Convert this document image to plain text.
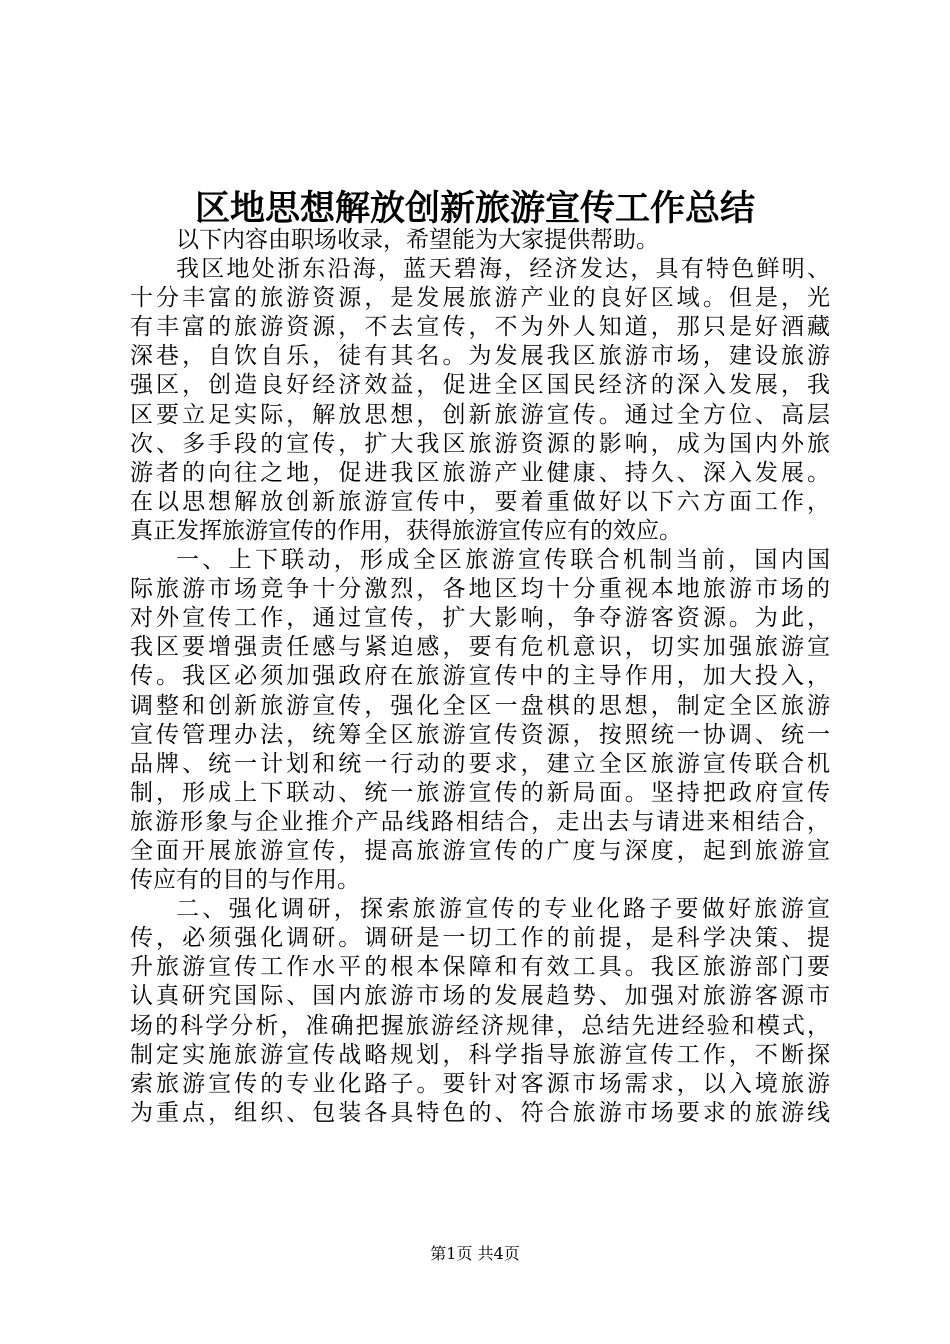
区地思想解放创新旅游宣传工作总结
以下内容由职场收录，希望能为大家提供帮助。
我区地处浙东沿海，蓝天碧海，经济发达，具有特色鲜明、
十分丰富的旅游资源，是发展旅游产业的良好区域。但是，光
有丰富的旅游资源，不去宣传，不为外人知道，那只是好酒藏
深巷，自饮自乐，徒有其名。为发展我区旅游市场，建设旅游
强区，创造良好经济效益，促进全区国民经济的深入发展，我
区要立足实际，解放思想，创新旅游宣传。通过全方位、高层
次、多手段的宣传，扩大我区旅游资源的影响，成为国内外旅
游者的向往之地，促进我区旅游产业健康、持久、深入发展。
在以思想解放创新旅游宣传中，要着重做好以下六方面工作，
真正发挥旅游宣传的作用，获得旅游宣传应有的效应。
一、上下联动，形成全区旅游宣传联合机制当前，国内国
际旅游市场竞争十分激烈，各地区均十分重视本地旅游市场的
对外宣传工作，通过宣传，扩大影响，争夺游客资源。为此，
我区要增强责任感与紧迫感，要有危机意识，切实加强旅游宣
传。我区必须加强政府在旅游宣传中的主导作用，加大投入，
调整和创新旅游宣传，强化全区一盘棋的思想，制定全区旅游
宣传管理办法，统筹全区旅游宣传资源，按照统一协调、统一
品牌、统一计划和统一行动的要求，建立全区旅游宣传联合机
制，形成上下联动、统一旅游宣传的新局面。坚持把政府宣传
旅游形象与企业推介产品线路相结合，走出去与请进来相结合，
全面开展旅游宣传，提高旅游宣传的广度与深度，起到旅游宣
传应有的目的与作用。
二、强化调研，探索旅游宣传的专业化路子要做好旅游宣
传，必须强化调研。调研是一切工作的前提，是科学决策、提
升旅游宣传工作水平的根本保障和有效工具。我区旅游部门要
认真研究国际、国内旅游市场的发展趋势、加强对旅游客源市
场的科学分析，准确把握旅游经济规律，总结先进经验和模式，
制定实施旅游宣传战略规划，科学指导旅游宣传工作，不断探
索旅游宣传的专业化路子。要针对客源市场需求，以入境旅游
为重点，组织、包装各具特色的、符合旅游市场要求的旅游线
第1页 共4页
